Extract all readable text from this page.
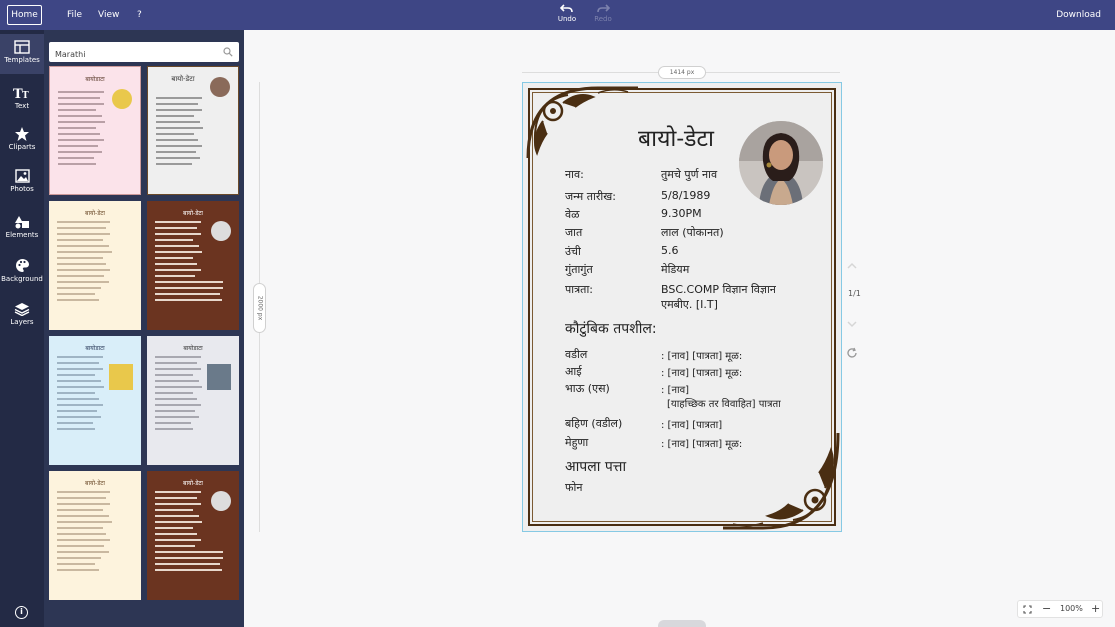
Home	File View ?	Undo	Redo	Download
Templates
T T
Text
Cliparts
Photos
Elements
Background
Layers
i
Marathi
बायोडाटा	बायो-डेटा
बायो-डेटा	बायो-डेटा
बायोडाटा	बायोडाटा
बायो-डेटा	बायो-डेटा
1414 px
2000 px
बायो-डेटा
नाव:	तुमचे पुर्ण नाव
जन्म तारीख:	5/8/1989
वेळ	9.30PM
जात	लाल (पोकानत)
उंची	5.6
गुंतागुंत	मेडियम
पात्रता:	BSC.COMP विज्ञान विज्ञान
एमबीए. [I.T]
कौटुंबिक तपशील:
वडील	: [नाव] [पात्रता] मूळ:
आई	: [नाव] [पात्रता] मूळ:
भाऊ (एस)	: [नाव]
[याहच्छिक तर विवाहित] पात्रता
बहिण (वडील)	: [नाव] [पात्रता]
मेहुणा	: [नाव] [पात्रता] मूळ:
आपला पत्ता
फोन
1/1
− 100% +
